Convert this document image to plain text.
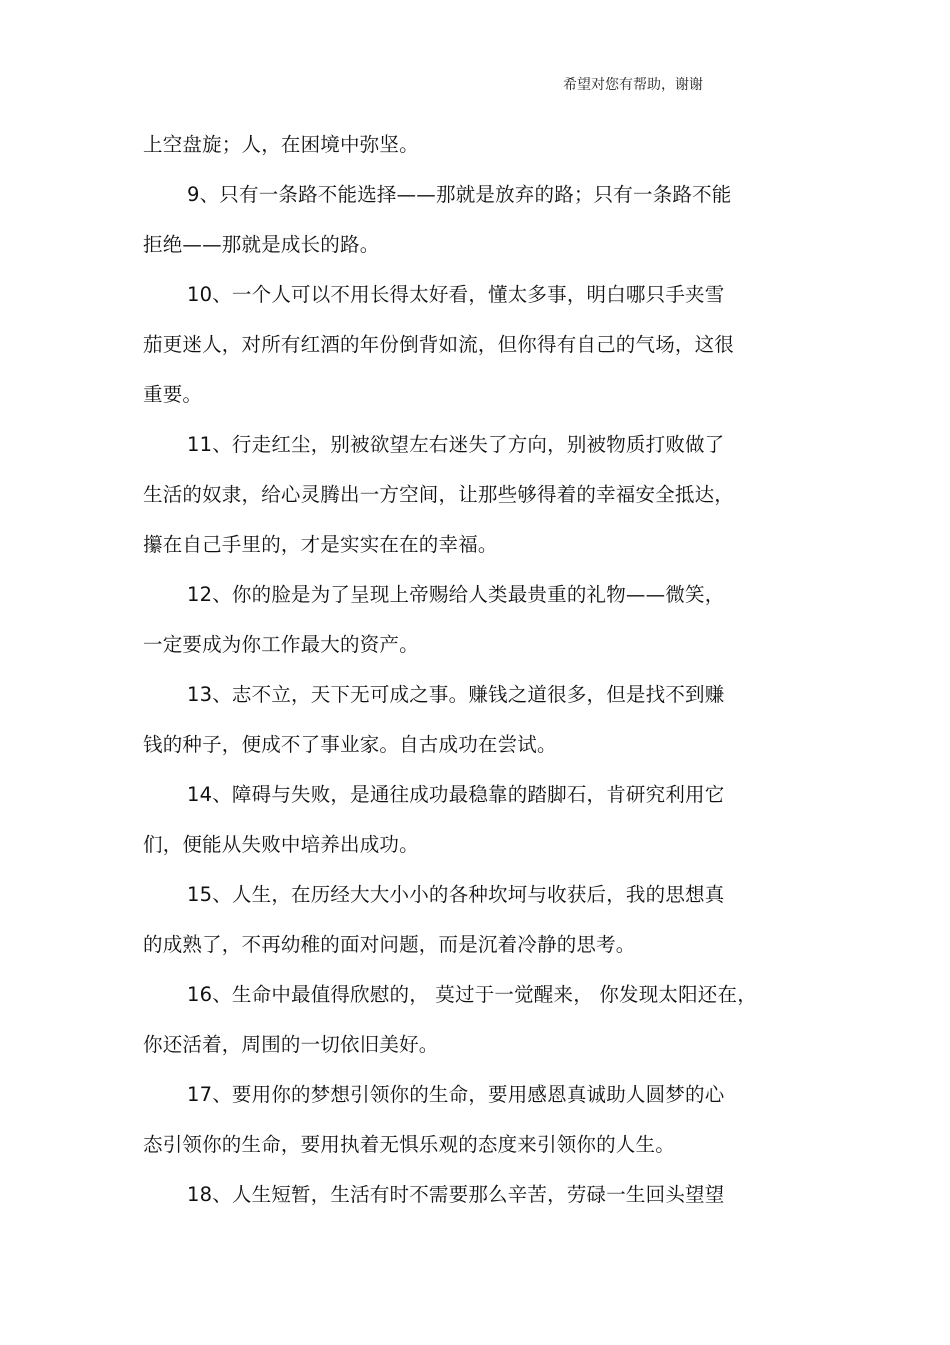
希望对您有帮助，谢谢
上空盘旋；人，在困境中弥坚。
9、只有一条路不能选择——那就是放弃的路；只有一条路不能
拒绝——那就是成长的路。
10、一个人可以不用长得太好看，懂太多事，明白哪只手夹雪
茄更迷人，对所有红酒的年份倒背如流，但你得有自己的气场，这很
重要。
11、行走红尘，别被欲望左右迷失了方向，别被物质打败做了
生活的奴隶，给心灵腾出一方空间，让那些够得着的幸福安全抵达，
攥在自己手里的，才是实实在在的幸福。
12、你的脸是为了呈现上帝赐给人类最贵重的礼物——微笑，
一定要成为你工作最大的资产。
13、志不立，天下无可成之事。赚钱之道很多，但是找不到赚
钱的种子，便成不了事业家。自古成功在尝试。
14、障碍与失败，是通往成功最稳靠的踏脚石，肯研究利用它
们，便能从失败中培养出成功。
15、人生，在历经大大小小的各种坎坷与收获后，我的思想真
的成熟了，不再幼稚的面对问题，而是沉着冷静的思考。
16、生命中最值得欣慰的， 莫过于一觉醒来， 你发现太阳还在，
你还活着，周围的一切依旧美好。
17、要用你的梦想引领你的生命，要用感恩真诚助人圆梦的心
态引领你的生命，要用执着无惧乐观的态度来引领你的人生。
18、人生短暂，生活有时不需要那么辛苦，劳碌一生回头望望
